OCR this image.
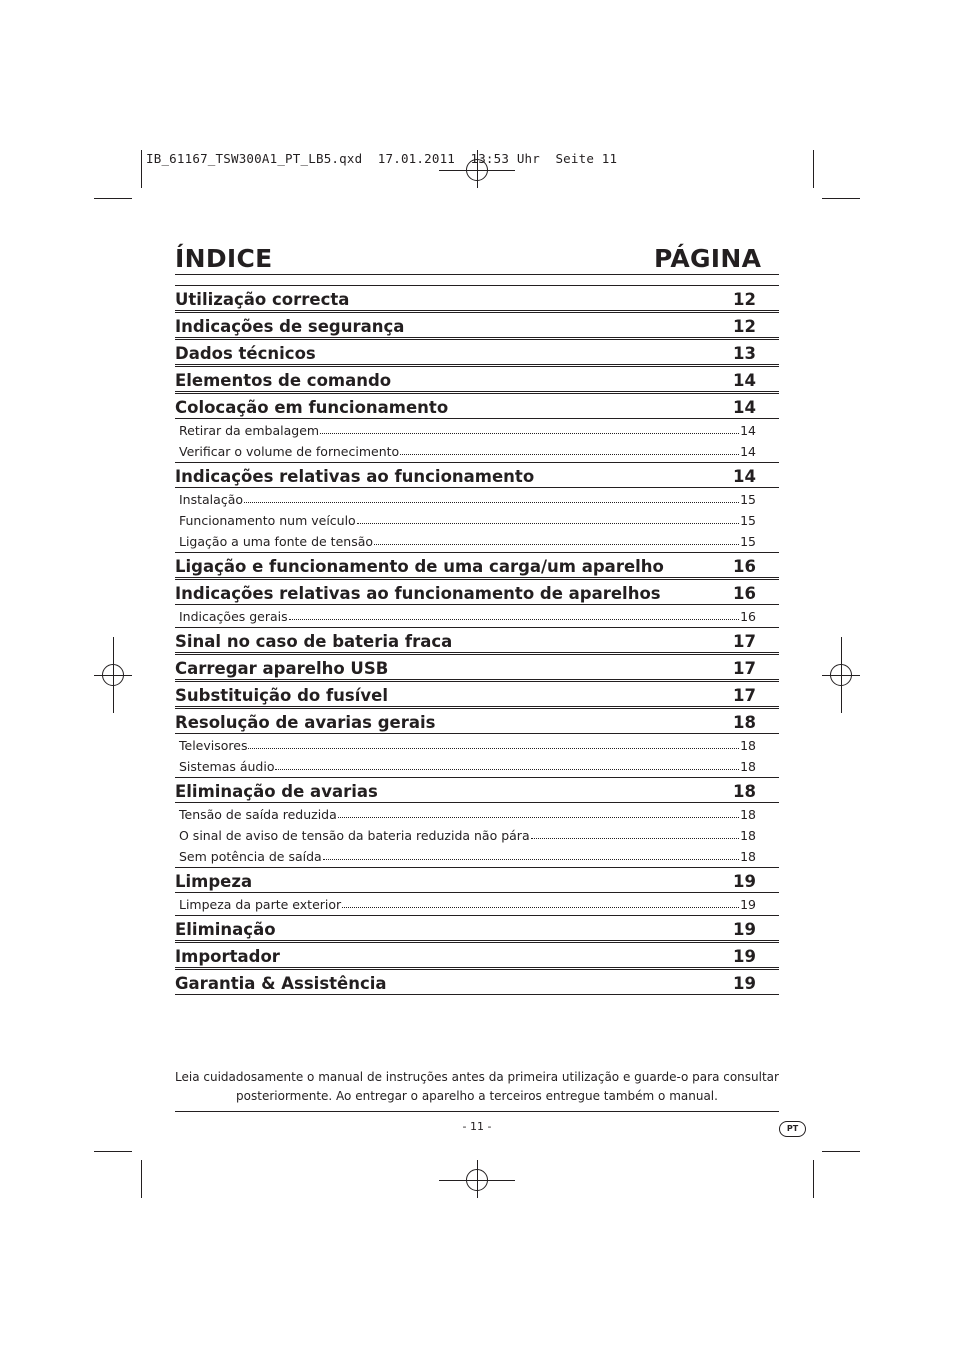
IB_61167_TSW300A1_PT_LB5.qxd  17.01.2011  13:53 Uhr  Seite 11
ÍNDICE	PÁGINA
Utilização correcta	12
Indicações de segurança	12
Dados técnicos	13
Elementos de comando	14
Colocação em funcionamento	14
Retirar da embalagem	14
Verificar o volume de fornecimento	14
Indicações relativas ao funcionamento	14
Instalação	15
Funcionamento num veículo	15
Ligação a uma fonte de tensão	15
Ligação e funcionamento de uma carga/um aparelho	16
Indicações relativas ao funcionamento de aparelhos	16
Indicações gerais	16
Sinal no caso de bateria fraca	17
Carregar aparelho USB	17
Substituição do fusível	17
Resolução de avarias gerais	18
Televisores	18
Sistemas áudio	18
Eliminação de avarias	18
Tensão de saída reduzida	18
O sinal de aviso de tensão da bateria reduzida não pára	18
Sem potência de saída	18
Limpeza	19
Limpeza da parte exterior	19
Eliminação	19
Importador	19
Garantia & Assistência	19
Leia cuidadosamente o manual de instruções antes da primeira utilização e guarde-o para consultar
posteriormente. Ao entregar o aparelho a terceiros entregue também o manual.
- 11 -	PT
